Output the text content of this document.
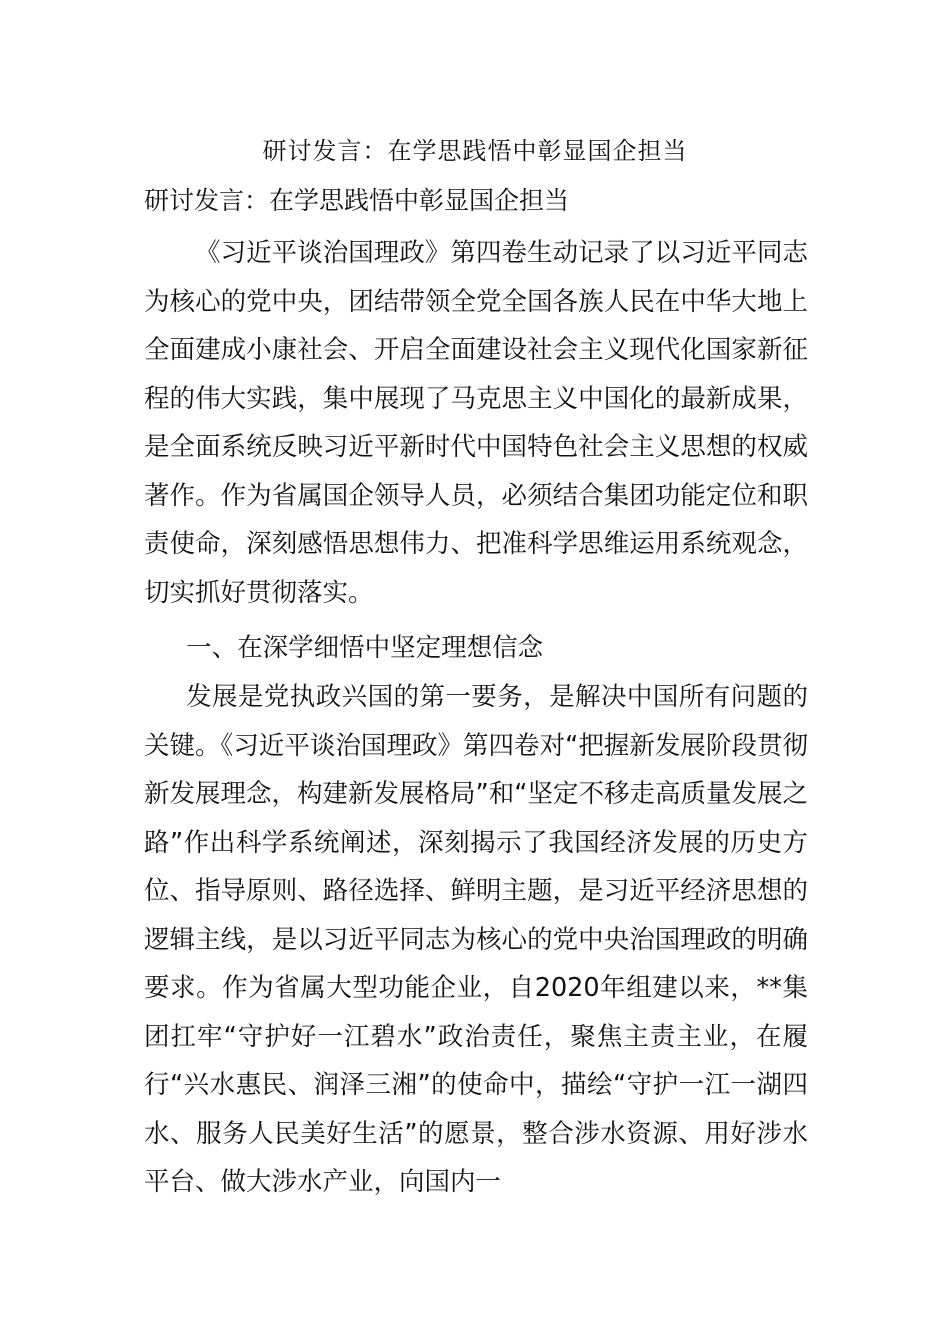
研讨发言：在学思践悟中彰显国企担当
研讨发言：在学思践悟中彰显国企担当

《习近平谈治国理政》第四卷生动记录了以习近平同志为核心的党中央，团结带领全党全国各族人民在中华大地上全面建成小康社会、开启全面建设社会主义现代化国家新征程的伟大实践，集中展现了马克思主义中国化的最新成果，是全面系统反映习近平新时代中国特色社会主义思想的权威著作。作为省属国企领导人员，必须结合集团功能定位和职责使命，深刻感悟思想伟力、把准科学思维运用系统观念，切实抓好贯彻落实。

一、在深学细悟中坚定理想信念

发展是党执政兴国的第一要务，是解决中国所有问题的关键。《习近平谈治国理政》第四卷对“把握新发展阶段贯彻新发展理念，构建新发展格局”和“坚定不移走高质量发展之路”作出科学系统阐述，深刻揭示了我国经济发展的历史方位、指导原则、路径选择、鲜明主题，是习近平经济思想的逻辑主线，是以习近平同志为核心的党中央治国理政的明确要求。作为省属大型功能企业，自2020年组建以来，**集团扛牢“守护好一江碧水”政治责任，聚焦主责主业，在履行“兴水惠民、润泽三湘”的使命中，描绘“守护一江一湖四水、服务人民美好生活”的愿景，整合涉水资源、用好涉水平台、做大涉水产业，向国内一
